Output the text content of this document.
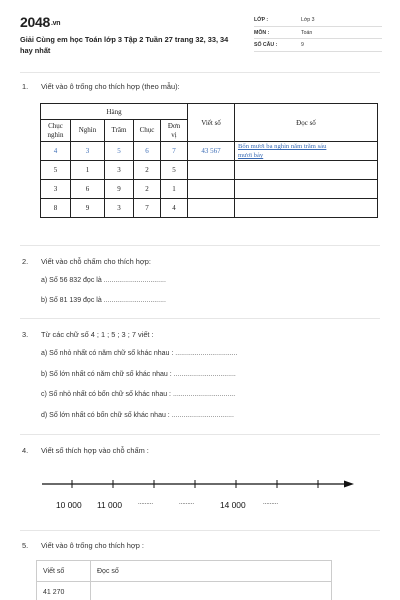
2048.vn
Giải Cùng em học Toán lớp 3 Tập 2 Tuần 27 trang 32, 33, 34 hay nhất
LỚP :	Lớp 3
MÔN :	Toán
SỐ CÂU :	9
1. Viết vào ô trống cho thích hợp (theo mẫu):
Hàng					Viết số	Đọc số
Chục
nghìn	Nghìn	Trăm	Chục	Đơn
vị		
4	3	5	6	7	43 567	Bốn mươi ba nghìn năm trăm sáu
mươi bảy
5	1	3	2	5		
3	6	9	2	1		
8	9	3	7	4		
2. Viết vào chỗ chấm cho thích hợp:
a) Số 56 832 đọc là ................................
b) Số 81 139 đọc là ................................
3. Từ các chữ số 4 ; 1 ; 5 ; 3 ; 7 viết :
a) Số nhỏ nhất có năm chữ số khác nhau : ................................
b) Số lớn nhất có năm chữ số khác nhau : ................................
c) Số nhỏ nhất có bốn chữ số khác nhau : ................................
d) Số lớn nhất có bốn chữ số khác nhau : ................................
4. Viết số thích hợp vào chỗ chấm :
10 000 11 000	.........	.........	14 000	.........
5. Viết vào ô trống cho thích hợp :
Viết số	Đọc số
41 270	
